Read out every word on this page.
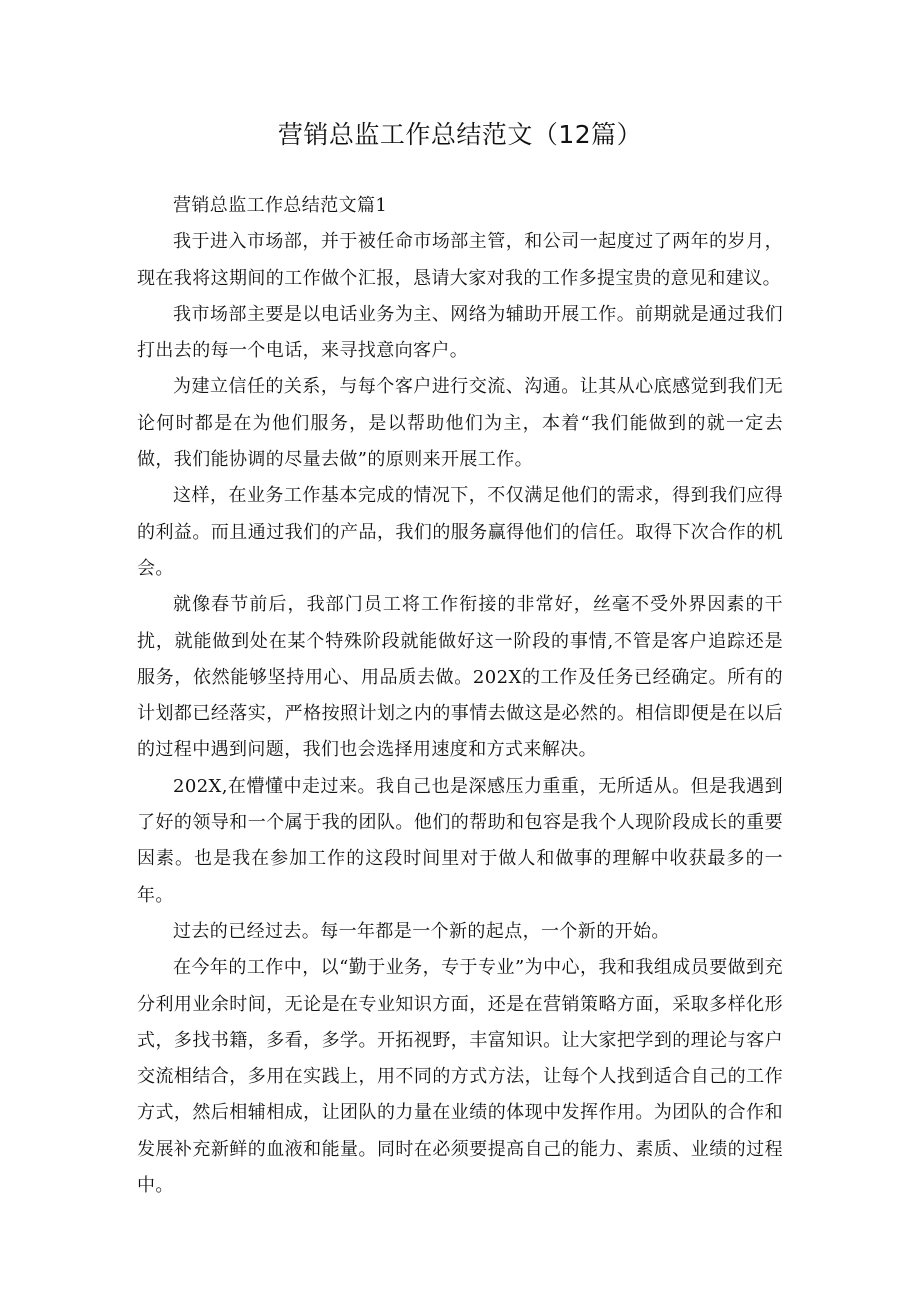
营销总监工作总结范文（12篇）

营销总监工作总结范文篇1

我于进入市场部，并于被任命市场部主管，和公司一起度过了两年的岁月，现在我将这期间的工作做个汇报，恳请大家对我的工作多提宝贵的意见和建议。

我市场部主要是以电话业务为主、网络为辅助开展工作。前期就是通过我们打出去的每一个电话，来寻找意向客户。

为建立信任的关系，与每个客户进行交流、沟通。让其从心底感觉到我们无论何时都是在为他们服务，是以帮助他们为主，本着“我们能做到的就一定去做，我们能协调的尽量去做”的原则来开展工作。

这样，在业务工作基本完成的情况下，不仅满足他们的需求，得到我们应得的利益。而且通过我们的产品，我们的服务赢得他们的信任。取得下次合作的机会。

就像春节前后，我部门员工将工作衔接的非常好，丝毫不受外界因素的干扰，就能做到处在某个特殊阶段就能做好这一阶段的事情,不管是客户追踪还是服务，依然能够坚持用心、用品质去做。202X的工作及任务已经确定。所有的计划都已经落实，严格按照计划之内的事情去做这是必然的。相信即便是在以后的过程中遇到问题，我们也会选择用速度和方式来解决。

202X,在懵懂中走过来。我自己也是深感压力重重，无所适从。但是我遇到了好的领导和一个属于我的团队。他们的帮助和包容是我个人现阶段成长的重要因素。也是我在参加工作的这段时间里对于做人和做事的理解中收获最多的一年。

过去的已经过去。每一年都是一个新的起点，一个新的开始。

在今年的工作中，以“勤于业务，专于专业”为中心，我和我组成员要做到充分利用业余时间，无论是在专业知识方面，还是在营销策略方面，采取多样化形式，多找书籍，多看，多学。开拓视野，丰富知识。让大家把学到的理论与客户交流相结合，多用在实践上，用不同的方式方法，让每个人找到适合自己的工作方式，然后相辅相成，让团队的力量在业绩的体现中发挥作用。为团队的合作和发展补充新鲜的血液和能量。同时在必须要提高自己的能力、素质、业绩的过程中。
